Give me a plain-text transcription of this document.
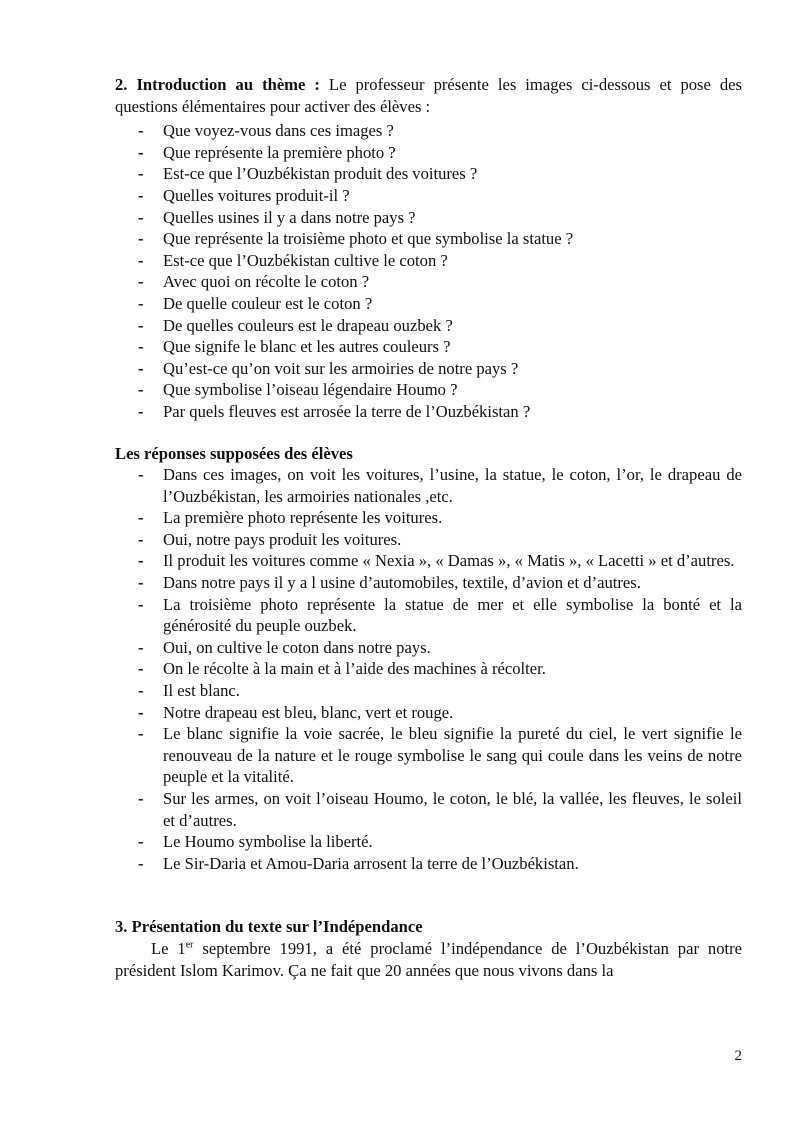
2. Introduction au thème : Le professeur présente les images ci-dessous et pose des questions élémentaires pour activer des élèves :

- Que voyez-vous dans ces images ?
- Que représente la première photo ?
- Est-ce que l’Ouzbékistan produit des voitures ?
- Quelles voitures produit-il ?
- Quelles usines il y a dans notre pays ?
- Que représente la troisième photo et que symbolise la statue ?
- Est-ce que l’Ouzbékistan cultive le coton ?
- Avec quoi on récolte le coton ?
- De quelle couleur est le coton ?
- De quelles couleurs est le drapeau ouzbek ?
- Que signife le blanc et les autres couleurs ?
- Qu’est-ce qu’on voit sur les armoiries de notre pays ?
- Que symbolise l’oiseau légendaire Houmo ?
- Par quels fleuves est arrosée la terre de l’Ouzbékistan ?
Les réponses supposées des élèves
- Dans ces images, on voit les voitures, l’usine, la statue, le coton, l’or, le drapeau de l’Ouzbékistan, les armoiries nationales ,etc.
- La première photo représente les voitures.
- Oui, notre pays produit les voitures.
- Il produit les voitures comme « Nexia », « Damas », « Matis », « Lacetti » et d’autres.
- Dans notre pays il y a l usine d’automobiles, textile, d’avion et d’autres.
- La troisième photo représente la statue de mer et elle symbolise la bonté et la générosité du peuple ouzbek.
- Oui, on cultive le coton dans notre pays.
- On le récolte à la main et à l’aide des machines à récolter.
- Il est blanc.
- Notre drapeau est bleu, blanc, vert et rouge.
- Le blanc signifie la voie sacrée, le bleu signifie la pureté du ciel, le vert signifie le renouveau de la nature et le rouge symbolise le sang qui coule dans les veins de notre peuple et la vitalité.
- Sur les armes, on voit l’oiseau Houmo, le coton, le blé, la vallée, les fleuves, le soleil et d’autres.
- Le Houmo symbolise la liberté.
- Le Sir-Daria et Amou-Daria arrosent la terre de l’Ouzbékistan.
3. Présentation du texte sur l’Indépendance

Le 1er septembre 1991, a été proclamé l’indépendance de l’Ouzbékistan par notre président Islom Karimov. Ça ne fait que 20 années que nous vivons dans la

2
